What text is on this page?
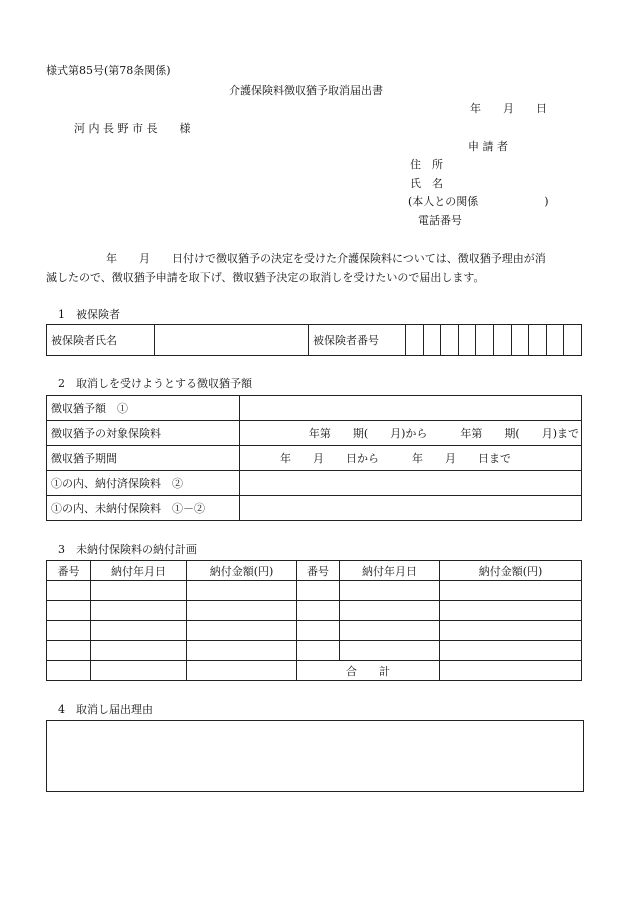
様式第85号(第78条関係)
介護保険料徴収猶予取消届出書
年　　月　　日
河 内 長 野 市 長　　様
申 請 者
住　所
氏　名
(本人との関係　　　　　　)
電話番号
年　　月　　日付けで徴収猶予の決定を受けた介護保険料については、徴収猶予理由が消
滅したので、徴収猶予申請を取下げ、徴収猶予決定の取消しを受けたいので届出します。
1　被保険者
被保険者氏名		被保険者番号										
2　取消しを受けようとする徴収猶予額
徴収猶予額　①	
徴収猶予の対象保険料	年第　　期(　　月)から　　　年第　　期(　　月)まで
徴収猶予期間	年　　月　　日から　　　年　　月　　日まで
①の内、納付済保険料　②	
①の内、未納付保険料　①－②	
3　未納付保険料の納付計画
番号	納付年月日	納付金額(円)	番号	納付年月日	納付金額(円)

			合　　計		
4　取消し届出理由
